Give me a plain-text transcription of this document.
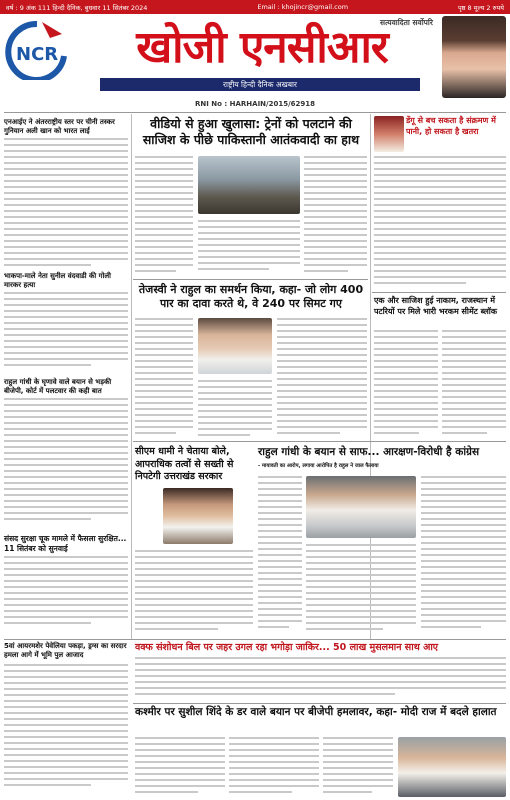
वर्ष : 9 अंक 111 हिन्दी दैनिक, बुधवार 11 सितंबर 2024	Email : khojincr@gmail.com	पृष्ठ 8 मूल्य 2 रुपये
NCR
सत्यवादिता सर्वोपरि
खोजी एनसीआर
राष्ट्रीय हिन्दी दैनिक अखबार
RNI No : HARHAIN/2015/62918
एनआईए ने अंतरराष्ट्रीय स्तर पर चीनी तस्कर गुनियान अली खान को भारत लाई
भाकपा-माले नेता सुनील वंदवाडी की गोली मारकर हत्या
राहुल गांधी के घृणावे वाले बयान से भड़की बीजेपी, कोर्ट में पलटवार की कही बात
संसद सुरक्षा चूक मामले में फैसला सुरक्षित... 11 सितंबर को सुनवाई
वीडियो से हुआ खुलासा: ट्रेनों को पलटाने की साजिश के पीछे पाकिस्तानी आतंकवादी का हाथ
तेजस्वी ने राहुल का समर्थन किया, कहा- जो लोग 400 पार का दावा करते थे, वे 240 पर सिमट गए
सीएम धामी ने चेताया बोले, आपराधिक तत्वों से सख्ती से निपटेगी उत्तराखंड सरकार
राहुल गांधी के बयान से साफ... आरक्षण-विरोधी है कांग्रेस
- मायावती का आरोप, लगाया आरोपित है राहुल ने जाल फैलाया
डेंगू से बच सकता है संक्रमण में पानी, हो सकता है खतरा
एक और साजिश हुई नाकाम, राजस्थान में पटरियों पर मिले भारी भरकम सीमेंट ब्लॉक
वक्फ संशोधन बिल पर जहर उगल रहा भगोड़ा जाकिर... 50 लाख मुसलमान साथ आए
5वां आयरमशेर पेवेलिया पकड़ा, ड्रग्स का सरदार हमला आगे में भूमि पुल आजाद
कश्मीर पर सुशील शिंदे के डर वाले बयान पर बीजेपी हमलावर, कहा- मोदी राज में बदले हालात
